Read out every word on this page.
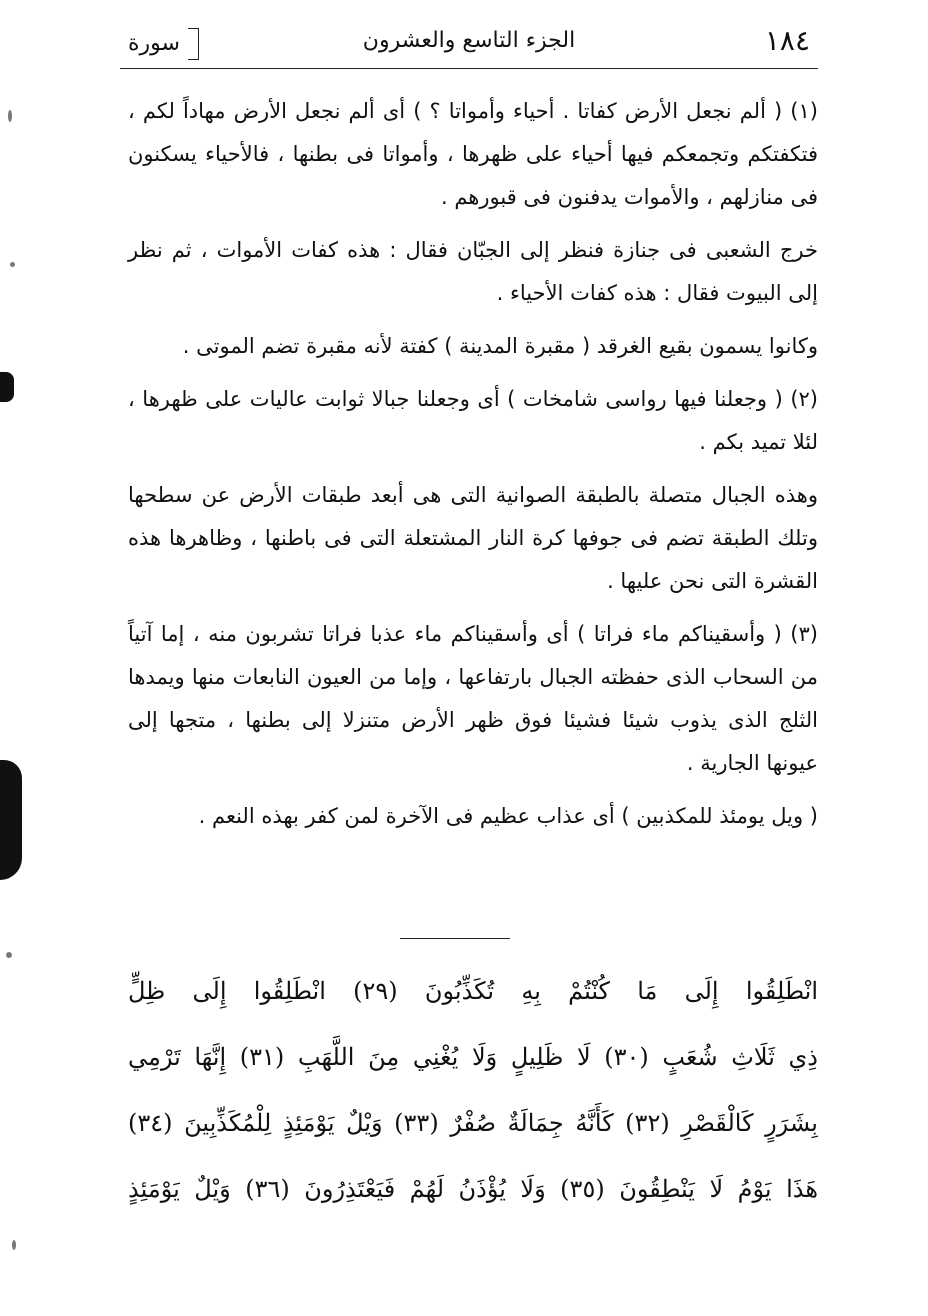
١٨٤
الجزء التاسع والعشرون
سورة

(١) ( ألم نجعل الأرض كفاتا . أحياء وأمواتا ؟ ) أى ألم نجعل الأرض مهاداً لكم ، فتكفتكم وتجمعكم فيها أحياء على ظهرها ، وأمواتا فى بطنها ، فالأحياء يسكنون فى منازلهم ، والأموات يدفنون فى قبورهم .

خرج الشعبى فى جنازة فنظر إلى الجبّان فقال : هذه كفات الأموات ، ثم نظر إلى البيوت فقال : هذه كفات الأحياء .

وكانوا يسمون بقيع الغرقد ( مقبرة المدينة ) كفتة لأنه مقبرة تضم الموتى .

(٢) ( وجعلنا فيها رواسى شامخات ) أى وجعلنا جبالا ثوابت عاليات على ظهرها ، لئلا تميد بكم .

وهذه الجبال متصلة بالطبقة الصوانية التى هى أبعد طبقات الأرض عن سطحها وتلك الطبقة تضم فى جوفها كرة النار المشتعلة التى فى باطنها ، وظاهرها هذه القشرة التى نحن عليها .

(٣) ( وأسقيناكم ماء فراتا ) أى وأسقيناكم ماء عذبا فراتا تشربون منه ، إما آتياً من السحاب الذى حفظته الجبال بارتفاعها ، وإما من العيون النابعات منها ويمدها الثلج الذى يذوب شيئا فشيئا فوق ظهر الأرض متنزلا إلى بطنها ، متجها إلى عيونها الجارية .

( ويل يومئذ للمكذبين ) أى عذاب عظيم فى الآخرة لمن كفر بهذه النعم .

انْطَلِقُوا إِلَى مَا كُنْتُمْ بِهِ تُكَذِّبُونَ (٢٩) انْطَلِقُوا إِلَى ظِلٍّ
ذِي ثَلَاثِ شُعَبٍ (٣٠) لَا ظَلِيلٍ وَلَا يُغْنِي مِنَ اللَّهَبِ (٣١) إِنَّهَا تَرْمِي
بِشَرَرٍ كَالْقَصْرِ (٣٢) كَأَنَّهُ جِمَالَةٌ صُفْرٌ (٣٣) وَيْلٌ يَوْمَئِذٍ لِلْمُكَذِّبِينَ (٣٤)
هَذَا يَوْمُ لَا يَنْطِقُونَ (٣٥) وَلَا يُؤْذَنُ لَهُمْ فَيَعْتَذِرُونَ (٣٦) وَيْلٌ يَوْمَئِذٍ
